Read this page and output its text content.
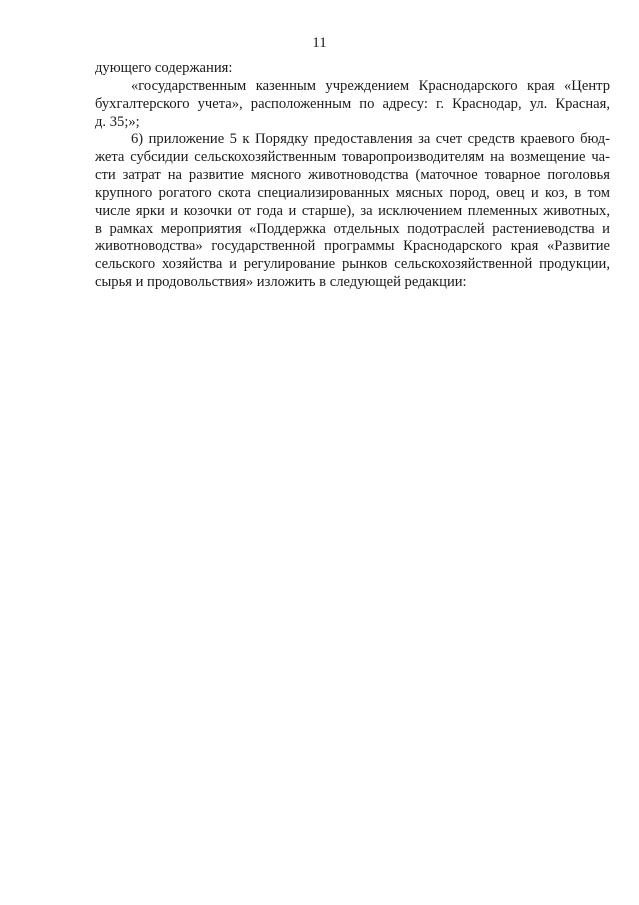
11

дующего содержания:

«государственным казенным учреждением Краснодарского края «Центр
бухгалтерского учета», расположенным по адресу: г. Краснодар, ул. Красная,
д. 35;»;

6) приложение 5 к Порядку предоставления за счет средств краевого бюд-
жета субсидии сельскохозяйственным товаропроизводителям на возмещение ча-
сти затрат на развитие мясного животноводства (маточное товарное поголовья
крупного рогатого скота специализированных мясных пород, овец и коз, в том
числе ярки и козочки от года и старше), за исключением племенных животных,
в рамках мероприятия «Поддержка отдельных подотраслей растениеводства и
животноводства» государственной программы Краснодарского края «Развитие
сельского хозяйства и регулирование рынков сельскохозяйственной продукции,
сырья и продовольствия» изложить в следующей редакции:
